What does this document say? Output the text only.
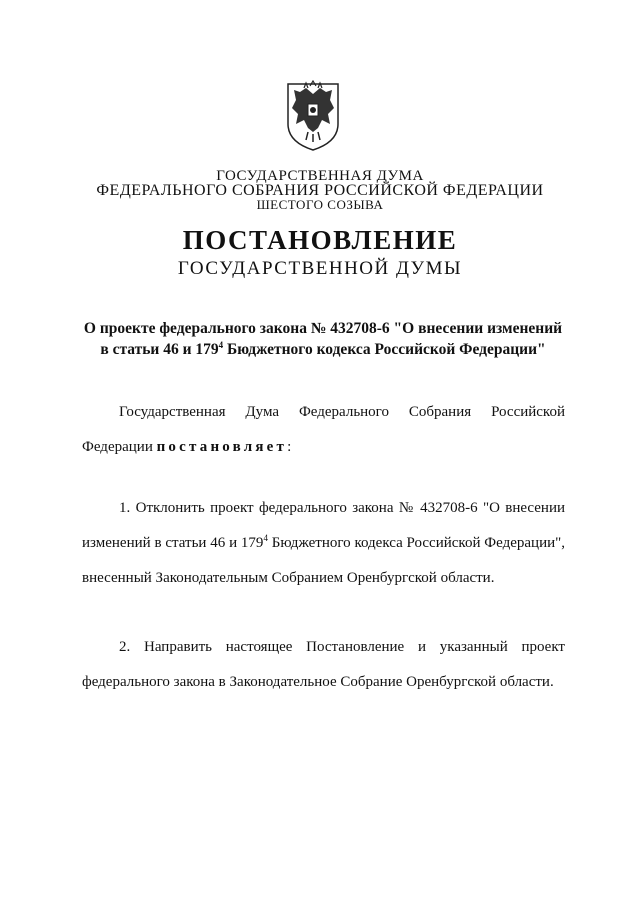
ГОСУДАРСТВЕННАЯ ДУМА
ФЕДЕРАЛЬНОГО СОБРАНИЯ РОССИЙСКОЙ ФЕДЕРАЦИИ
ШЕСТОГО СОЗЫВА
ПОСТАНОВЛЕНИЕ
ГОСУДАРСТВЕННОЙ ДУМЫ
О проекте федерального закона № 432708-6 "О внесении изменений в статьи 46 и $179^4$ Бюджетного кодекса Российской Федерации"
Государственная Дума Федерального Собрания Российской Федерации постановляет:
1. Отклонить проект федерального закона № 432708-6 "О внесении изменений в статьи 46 и $179^4$ Бюджетного кодекса Российской Федерации", внесенный Законодательным Собранием Оренбургской области.
2. Направить настоящее Постановление и указанный проект федерального закона в Законодательное Собрание Оренбургской области.
